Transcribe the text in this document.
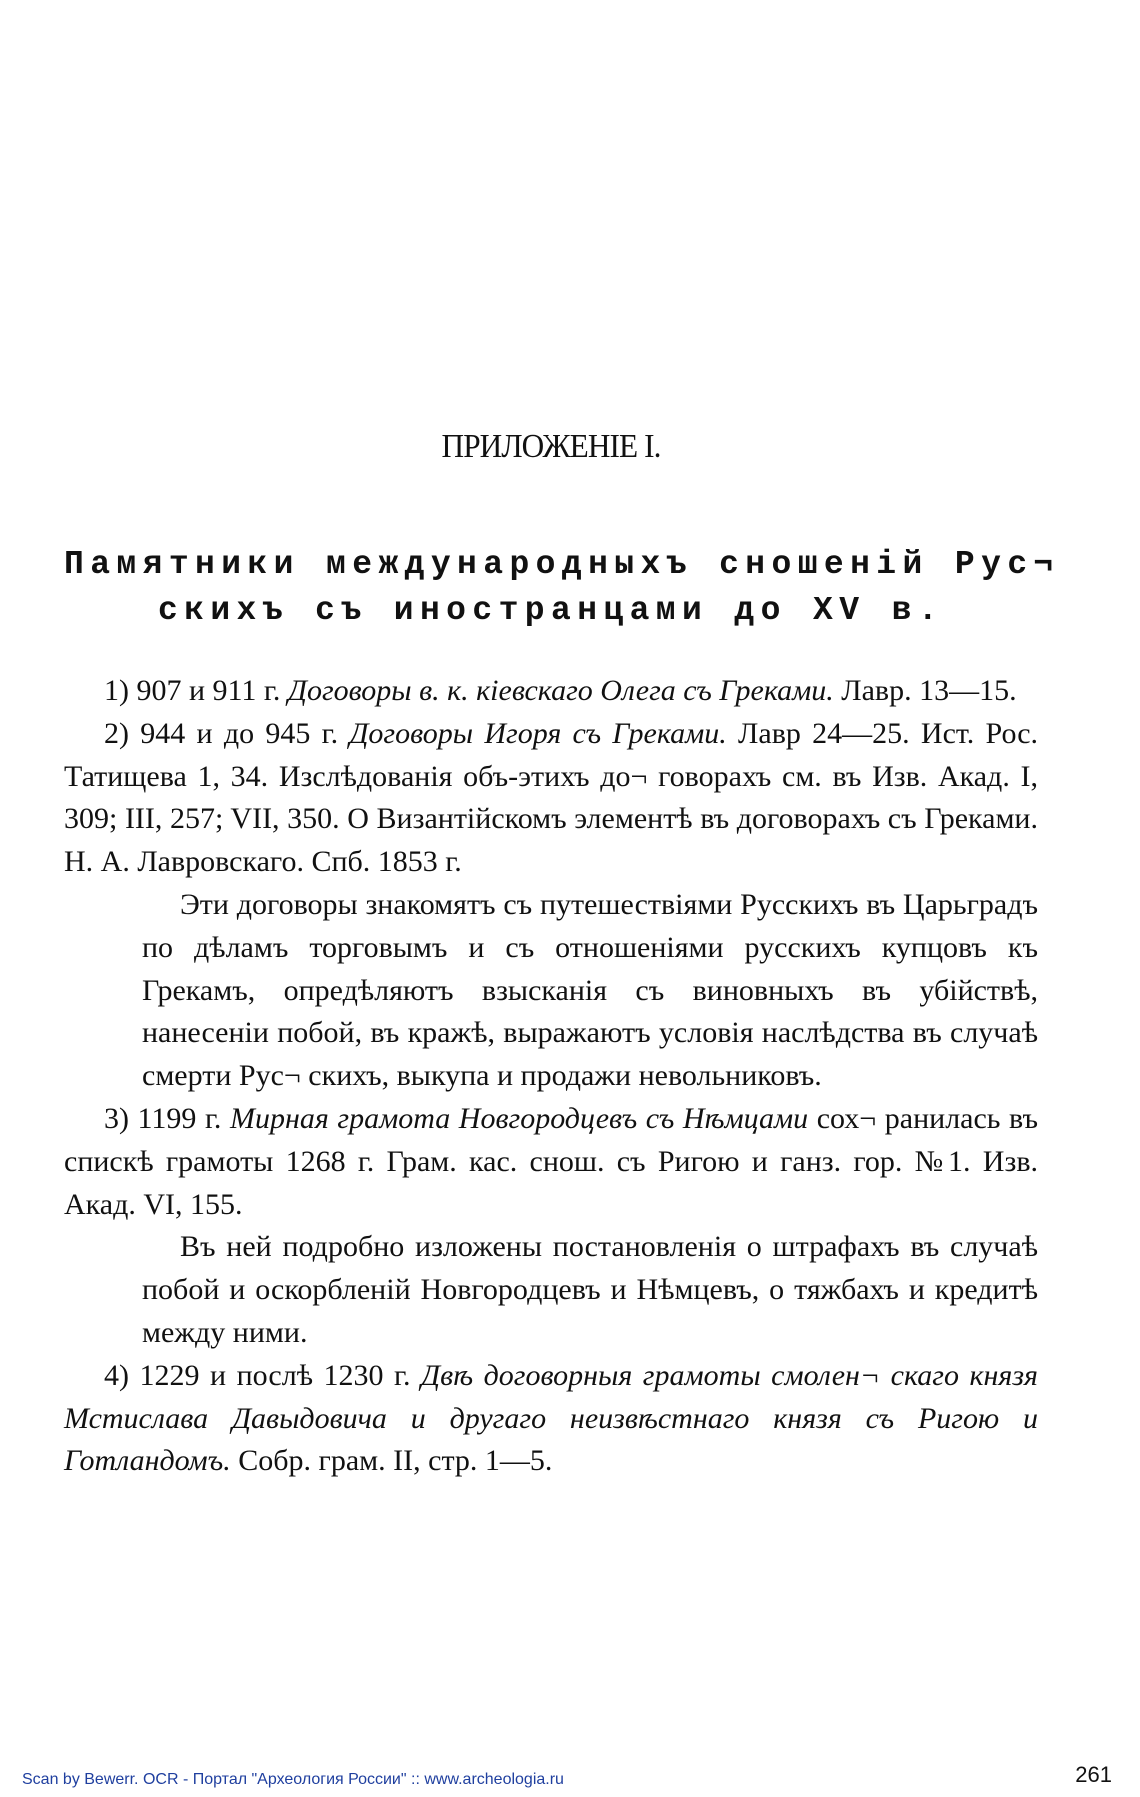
ПРИЛОЖЕНІЕ І.
Памятники международныхъ сношеній Рус¬
скихъ съ иностранцами до XV в.

1) 907 и 911 г. Договоры в. к. кіевскаго Олега съ Греками. Лавр. 13—15.

2) 944 и до 945 г. Договоры Игоря съ Греками. Лавр 24—25. Ист. Рос. Татищева 1, 34. Изслѣдованія объ-этихъ до¬ говорахъ см. въ Изв. Акад. I, 309; III, 257; VII, 350. О Византійскомъ элементѣ въ договорахъ съ Греками. Н. А. Лавровскаго. Спб. 1853 г.

Эти договоры знакомятъ съ путешествіями Русскихъ въ Царьградъ по дѣламъ торговымъ и съ отношеніями русскихъ купцовъ къ Грекамъ, опредѣляютъ взысканія съ виновныхъ въ убійствѣ, нанесеніи побой, въ кражѣ, выражаютъ условія наслѣдства въ случаѣ смерти Рус¬ скихъ, выкупа и продажи невольниковъ.

3) 1199 г. Мирная грамота Новгородцевъ съ Нѣмцами сох¬ ранилась въ спискѣ грамоты 1268 г. Грам. кас. снош. съ Ригою и ганз. гор. №1. Изв. Акад. VI, 155.

Въ ней подробно изложены постановленія о штрафахъ въ случаѣ побой и оскорбленій Новгородцевъ и Нѣмцевъ, о тяжбахъ и кредитѣ между ними.

4) 1229 и послѣ 1230 г. Двѣ договорныя грамоты смолен¬ скаго князя Мстислава Давыдовича и другаго неизвѣстнаго князя съ Ригою и Готландомъ. Собр. грам. II, стр. 1—5.

Scan by Bewerr. OCR - Портал "Археология России" :: www.archeologia.ru	261
